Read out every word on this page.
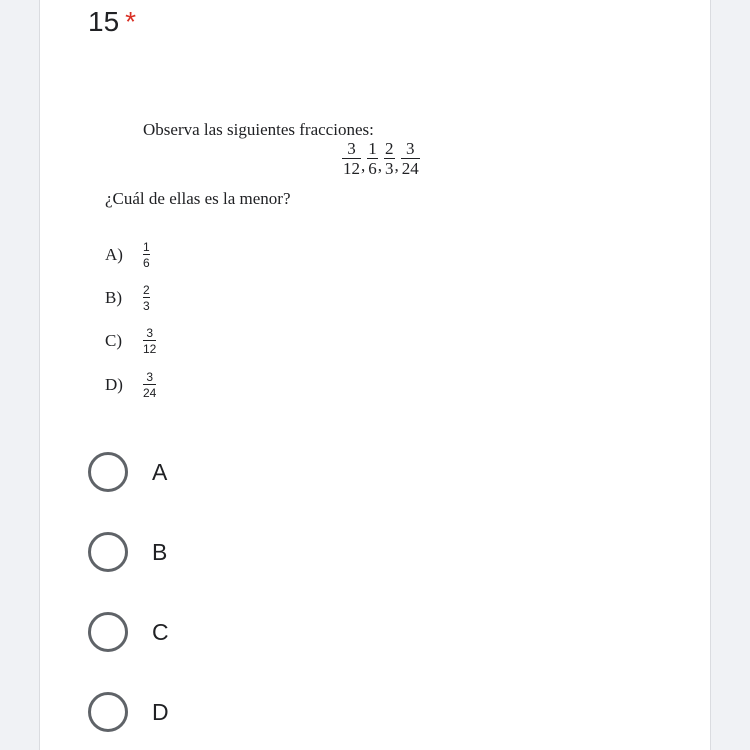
15 *
Observa las siguientes fracciones:
$\frac{3}{12}$ , $\frac{1}{6}$ , $\frac{2}{3}$ , $\frac{3}{24}$
¿Cuál de ellas es la menor?
A)	$\frac{1}{6}$
B)	$\frac{2}{3}$
C)	$\frac{3}{12}$
D)	$\frac{3}{24}$
A
B
C
D
